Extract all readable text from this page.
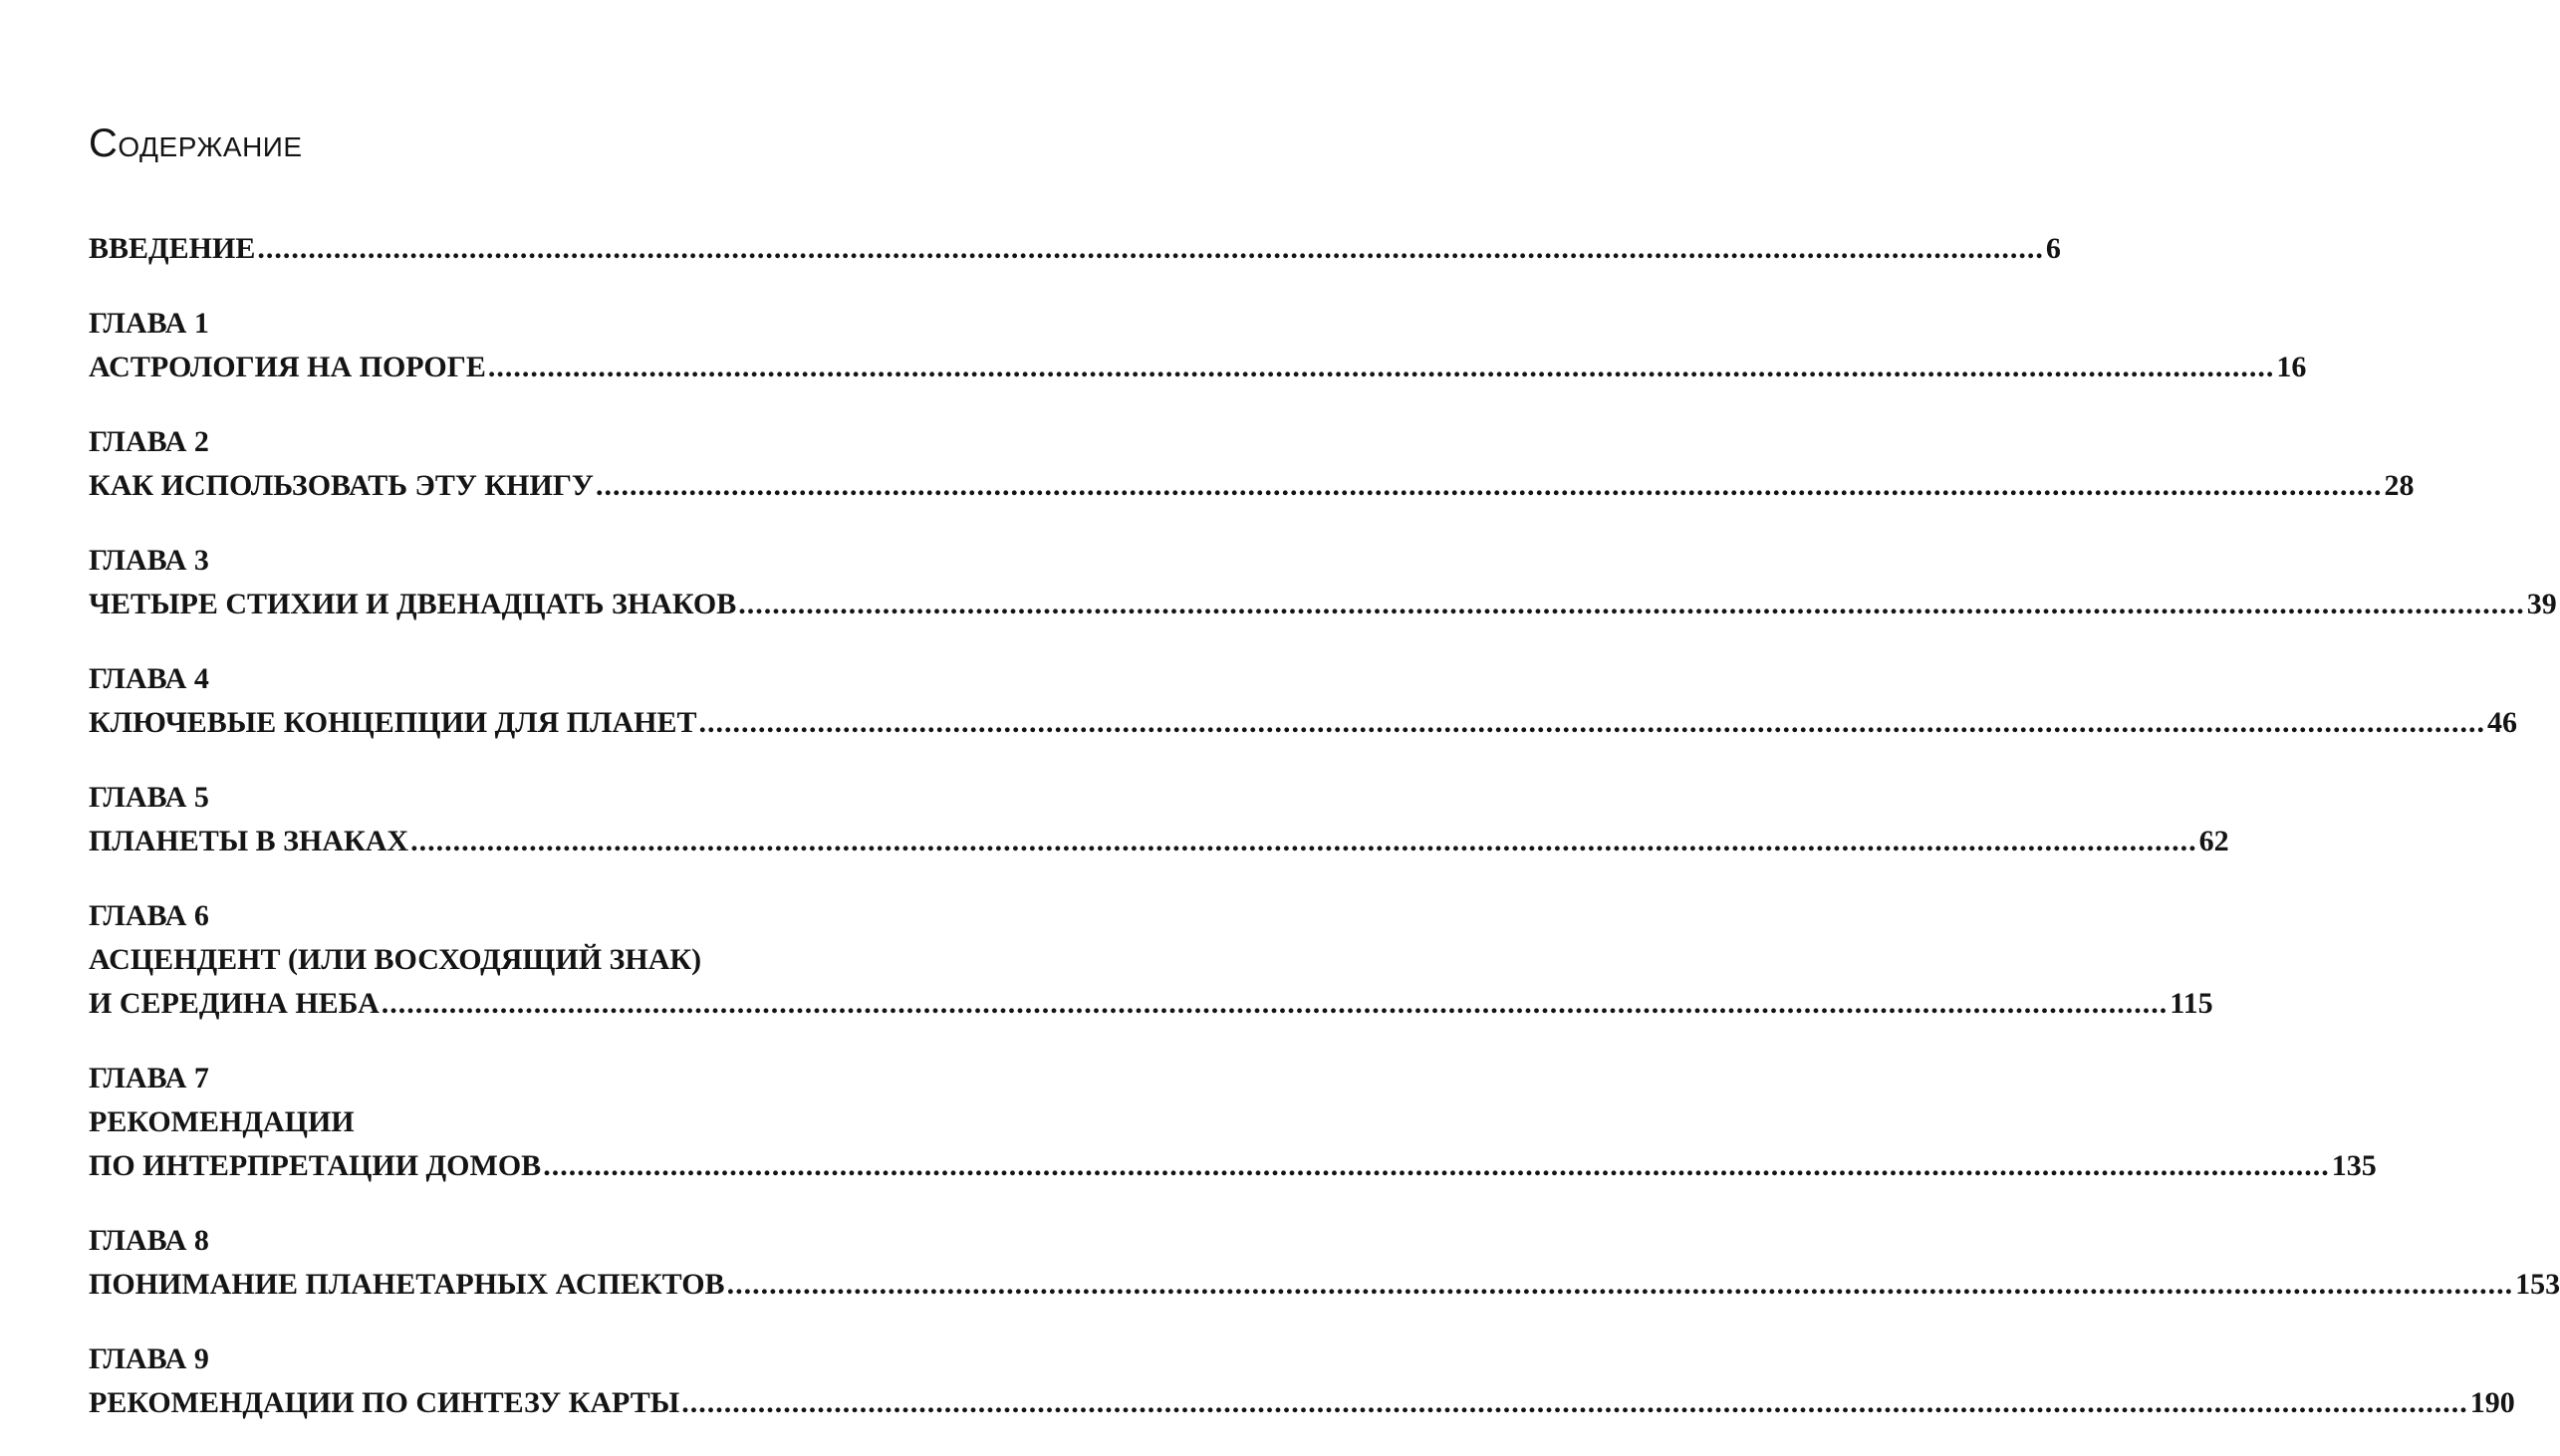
Содержание
ВВЕДЕНИЕ ................................................................................................................................................................................................................... 6
ГЛАВА 1
АСТРОЛОГИЯ НА ПОРОГЕ ................................................................................................................................................................................................................... 16
ГЛАВА 2
КАК ИСПОЛЬЗОВАТЬ ЭТУ КНИГУ ................................................................................................................................................................................................................... 28
ГЛАВА 3
ЧЕТЫРЕ СТИХИИ И ДВЕНАДЦАТЬ ЗНАКОВ ................................................................................................................................................................................................................... 39
ГЛАВА 4
КЛЮЧЕВЫЕ КОНЦЕПЦИИ ДЛЯ ПЛАНЕТ ................................................................................................................................................................................................................... 46
ГЛАВА 5
ПЛАНЕТЫ В ЗНАКАХ ................................................................................................................................................................................................................... 62
ГЛАВА 6
АСЦЕНДЕНТ (ИЛИ ВОСХОДЯЩИЙ ЗНАК)
И СЕРЕДИНА НЕБА ................................................................................................................................................................................................................... 115
ГЛАВА 7
РЕКОМЕНДАЦИИ
ПО ИНТЕРПРЕТАЦИИ ДОМОВ ................................................................................................................................................................................................................... 135
ГЛАВА 8
ПОНИМАНИЕ ПЛАНЕТАРНЫХ АСПЕКТОВ ................................................................................................................................................................................................................... 153
ГЛАВА 9
РЕКОМЕНДАЦИИ ПО СИНТЕЗУ КАРТЫ ................................................................................................................................................................................................................... 190
